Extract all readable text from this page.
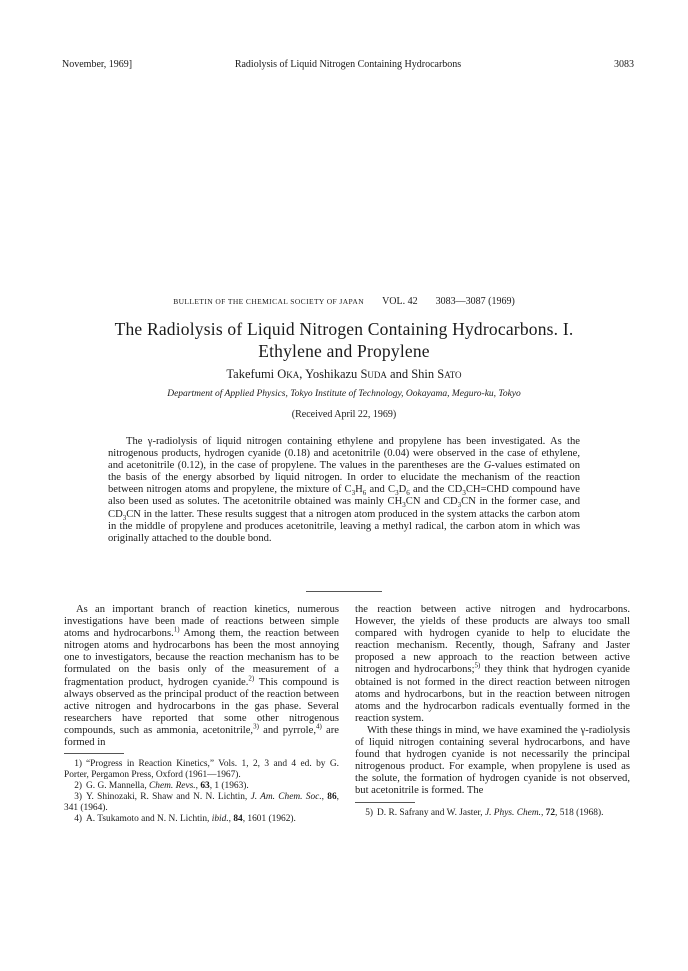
November, 1969]	Radiolysis of Liquid Nitrogen Containing Hydrocarbons	3083
BULLETIN OF THE CHEMICAL SOCIETY OF JAPAN VOL. 42 3083—3087 (1969)
The Radiolysis of Liquid Nitrogen Containing Hydrocarbons. I.
Ethylene and Propylene
Takefumi Oka, Yoshikazu Suda and Shin Sato
Department of Applied Physics, Tokyo Institute of Technology, Ookayama, Meguro-ku, Tokyo
(Received April 22, 1969)

The γ-radiolysis of liquid nitrogen containing ethylene and propylene has been investigated. As the nitrogenous products, hydrogen cyanide (0.18) and acetonitrile (0.04) were observed in the case of ethylene, and acetonitrile (0.12), in the case of propylene. The values in the parentheses are the G-values estimated on the basis of the energy absorbed by liquid nitrogen. In order to elucidate the mechanism of the reaction between nitrogen atoms and propylene, the mixture of $C_3H_6$ and $C_3D_6$ and the $CD_3CH=CHD$ compound have also been used as solutes. The acetonitrile obtained was mainly $CH_3CN$ and $CD_3CN$ in the former case, and $CD_3CN$ in the latter. These results suggest that a nitrogen atom produced in the system attacks the carbon atom in the middle of propylene and produces acetonitrile, leaving a methyl radical, the carbon atom in which was originally attached to the double bond.

As an important branch of reaction kinetics, numerous investigations have been made of reactions between simple atoms and hydrocarbons.$^{1)}$ Among them, the reaction between nitrogen atoms and hydrocarbons has been the most annoying one to investigators, because the reaction mechanism has to be formulated on the basis only of the measurement of a fragmentation product, hydrogen cyanide.$^{2)}$ This compound is always observed as the principal product of the reaction between active nitrogen and hydrocarbons in the gas phase. Several researchers have reported that some other nitrogenous compounds, such as ammonia, acetonitrile,$^{3)}$ and pyrrole,$^{4)}$ are formed in

1) “Progress in Reaction Kinetics,” Vols. 1, 2, 3 and 4 ed. by G. Porter, Pergamon Press, Oxford (1961—1967).

2) G. G. Mannella, Chem. Revs., 63, 1 (1963).

3) Y. Shinozaki, R. Shaw and N. N. Lichtin, J. Am. Chem. Soc., 86, 341 (1964).

4) A. Tsukamoto and N. N. Lichtin, ibid., 84, 1601 (1962).

the reaction between active nitrogen and hydrocarbons. However, the yields of these products are always too small compared with hydrogen cyanide to help to elucidate the reaction mechanism. Recently, though, Safrany and Jaster proposed a new approach to the reaction between active nitrogen and hydrocarbons;$^{5)}$ they think that hydrogen cyanide obtained is not formed in the direct reaction between nitrogen atoms and hydrocarbons, but in the reaction between nitrogen atoms and the hydrocarbon radicals eventually formed in the reaction system.

With these things in mind, we have examined the γ-radiolysis of liquid nitrogen containing several hydrocarbons, and have found that hydrogen cyanide is not necessarily the principal nitrogenous product. For example, when propylene is used as the solute, the formation of hydrogen cyanide is not observed, but acetonitrile is formed. The

5) D. R. Safrany and W. Jaster, J. Phys. Chem., 72, 518 (1968).
